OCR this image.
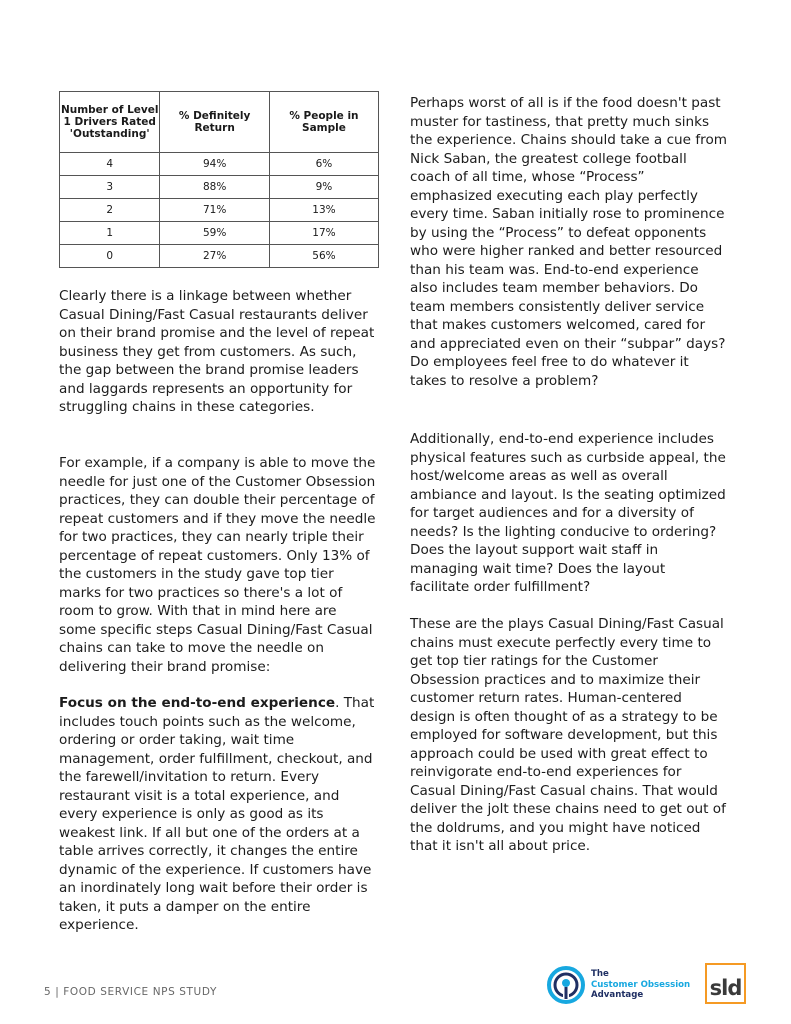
Number of Level 1 Drivers Rated 'Outstanding'	% Definitely Return	% People in Sample
4	94%	6%
3	88%	9%
2	71%	13%
1	59%	17%
0	27%	56%

Clearly there is a linkage between whether Casual Dining/Fast Casual restaurants deliver on their brand promise and the level of repeat business they get from customers. As such, the gap between the brand promise leaders and laggards represents an opportunity for struggling chains in these categories.

For example, if a company is able to move the needle for just one of the Customer Obsession practices, they can double their percentage of repeat customers and if they move the needle for two practices, they can nearly triple their percentage of repeat customers. Only 13% of the customers in the study gave top tier marks for two practices so there's a lot of room to grow. With that in mind here are some specific steps Casual Dining/Fast Casual chains can take to move the needle on delivering their brand promise:

Focus on the end-to-end experience. That includes touch points such as the welcome, ordering or order taking, wait time management, order fulfillment, checkout, and the farewell/invitation to return. Every restaurant visit is a total experience, and every experience is only as good as its weakest link. If all but one of the orders at a table arrives correctly, it changes the entire dynamic of the experience. If customers have an inordinately long wait before their order is taken, it puts a damper on the entire experience.

Perhaps worst of all is if the food doesn't past muster for tastiness, that pretty much sinks the experience. Chains should take a cue from Nick Saban, the greatest college football coach of all time, whose “Process” emphasized executing each play perfectly every time. Saban initially rose to prominence by using the “Process” to defeat opponents who were higher ranked and better resourced than his team was. End-to-end experience also includes team member behaviors. Do team members consistently deliver service that makes customers welcomed, cared for and appreciated even on their “subpar” days? Do employees feel free to do whatever it takes to resolve a problem?

Additionally, end-to-end experience includes physical features such as curbside appeal, the host/welcome areas as well as overall ambiance and layout. Is the seating optimized for target audiences and for a diversity of needs? Is the lighting conducive to ordering? Does the layout support wait staff in managing wait time? Does the layout facilitate order fulfillment?

These are the plays Casual Dining/Fast Casual chains must execute perfectly every time to get top tier ratings for the Customer Obsession practices and to maximize their customer return rates. Human-centered design is often thought of as a strategy to be employed for software development, but this approach could be used with great effect to reinvigorate end-to-end experiences for Casual Dining/Fast Casual chains. That would deliver the jolt these chains need to get out of the doldrums, and you might have noticed that it isn't all about price.

5 | FOOD SERVICE NPS STUDY
The
Customer Obsession
Advantage	sld
